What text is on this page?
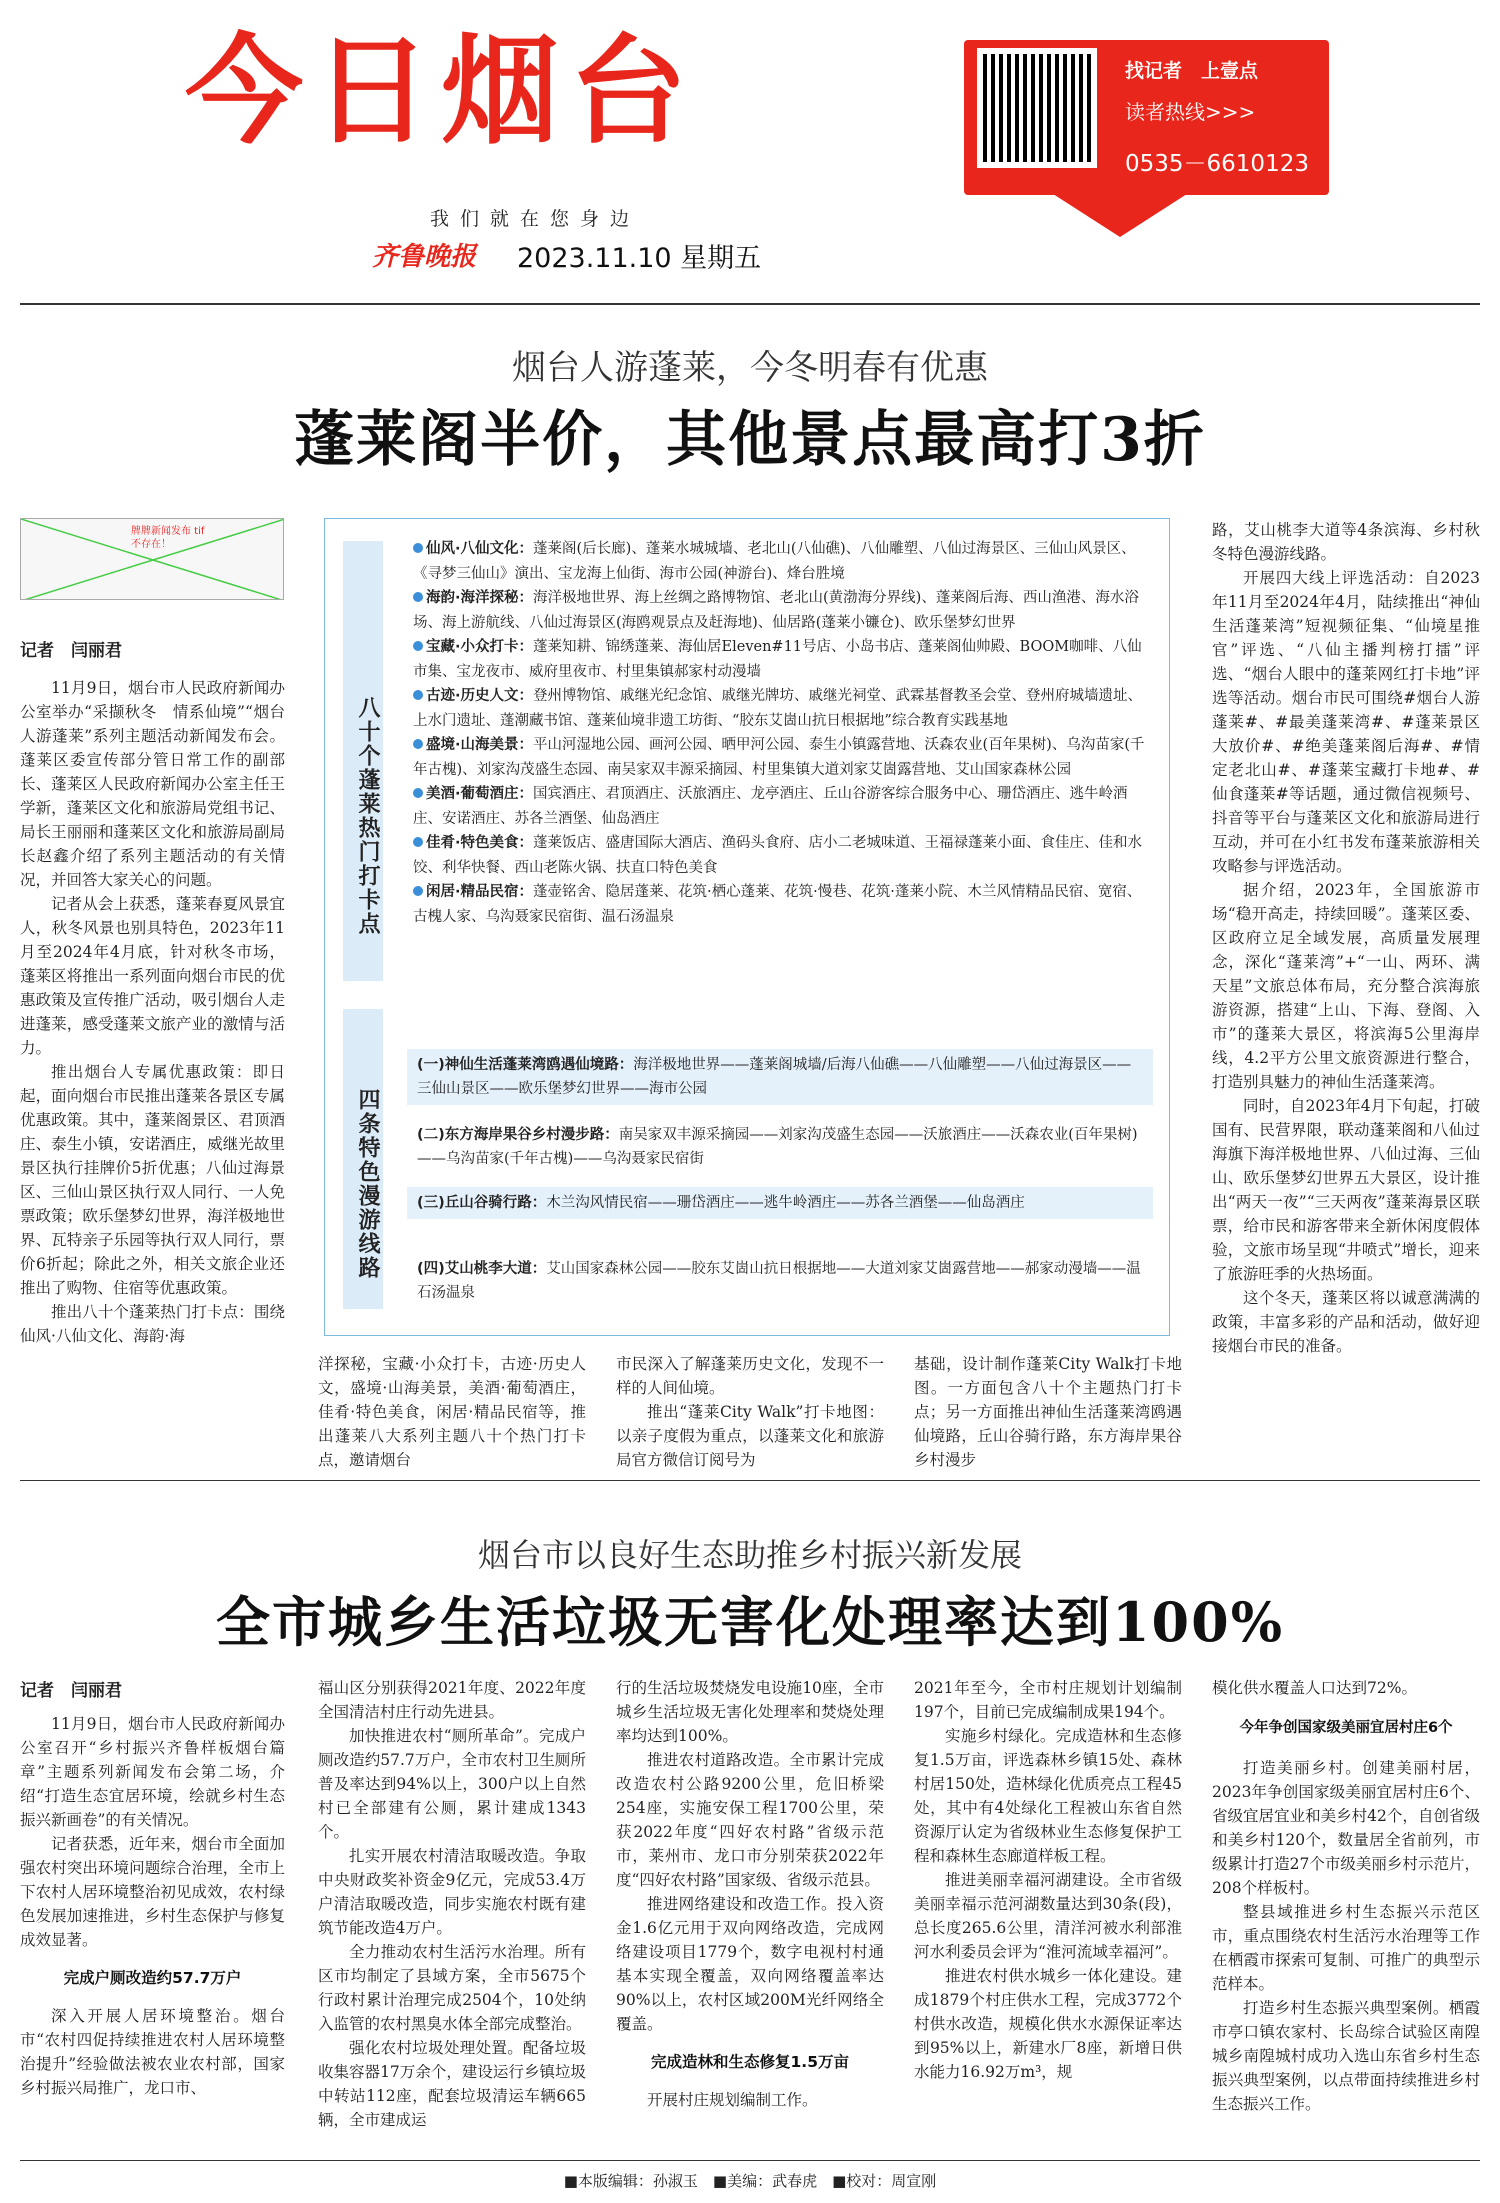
今日烟台
我们就在您身边
齐鲁晚报 2023.11.10 星期五
找记者　上壹点
读者热线>>>
0535－6610123
烟台人游蓬莱，今冬明春有优惠
蓬莱阁半价，其他景点最高打3折
牌牌新闻发布 tif
不存在！
记者　闫丽君

11月9日，烟台市人民政府新闻办公室举办“采撷秋冬　情系仙境”“烟台人游蓬莱”系列主题活动新闻发布会。蓬莱区委宣传部分管日常工作的副部长、蓬莱区人民政府新闻办公室主任王学新，蓬莱区文化和旅游局党组书记、局长王丽丽和蓬莱区文化和旅游局副局长赵鑫介绍了系列主题活动的有关情况，并回答大家关心的问题。

记者从会上获悉，蓬莱春夏风景宜人，秋冬风景也别具特色，2023年11月至2024年4月底，针对秋冬市场，蓬莱区将推出一系列面向烟台市民的优惠政策及宣传推广活动，吸引烟台人走进蓬莱，感受蓬莱文旅产业的激情与活力。

推出烟台人专属优惠政策：即日起，面向烟台市民推出蓬莱各景区专属优惠政策。其中，蓬莱阁景区、君顶酒庄、泰生小镇，安诺酒庄，威继光故里景区执行挂牌价5折优惠；八仙过海景区、三仙山景区执行双人同行、一人免票政策；欧乐堡梦幻世界，海洋极地世界、瓦特亲子乐园等执行双人同行，票价6折起；除此之外，相关文旅企业还推出了购物、住宿等优惠政策。

推出八十个蓬莱热门打卡点：围绕仙风·八仙文化、海韵·海

八十个蓬莱热门打卡点
仙风·八仙文化：蓬莱阁(后长廊)、蓬莱水城城墙、老北山(八仙礁)、八仙雕塑、八仙过海景区、三仙山风景区、《寻梦三仙山》演出、宝龙海上仙街、海市公园(神游台)、烽台胜境
海韵·海洋探秘：海洋极地世界、海上丝绸之路博物馆、老北山(黄渤海分界线)、蓬莱阁后海、西山渔港、海水浴场、海上游航线、八仙过海景区(海鸥观景点及赶海地)、仙居路(蓬莱小镰仓)、欧乐堡梦幻世界
宝藏·小众打卡：蓬莱知耕、锦绣蓬莱、海仙居Eleven#11号店、小岛书店、蓬莱阁仙帅殿、BOOM咖啡、八仙市集、宝龙夜市、威府里夜市、村里集镇郝家村动漫墙
古迹·历史人文：登州博物馆、戚继光纪念馆、戚继光牌坊、戚继光祠堂、武霖基督教圣会堂、登州府城墙遗址、上水门遗址、蓬潮藏书馆、蓬莱仙境非遗工坊街、“胶东艾崮山抗日根据地”综合教育实践基地
盛境·山海美景：平山河湿地公园、画河公园、晒甲河公园、泰生小镇露营地、沃森农业(百年果树)、乌沟苗家(千年古槐)、刘家沟茂盛生态园、南吴家双丰源采摘园、村里集镇大道刘家艾崮露营地、艾山国家森林公园
美酒·葡萄酒庄：国宾酒庄、君顶酒庄、沃旅酒庄、龙亭酒庄、丘山谷游客综合服务中心、珊岱酒庄、逃牛岭酒庄、安诺酒庄、苏各兰酒堡、仙岛酒庄
佳肴·特色美食：蓬莱饭店、盛唐国际大酒店、渔码头食府、店小二老城味道、王福禄蓬莱小面、食佳庄、佳和水饺、利华快餐、西山老陈火锅、扶直口特色美食
闲居·精品民宿：蓬壶铭舍、隐居蓬莱、花筑·栖心蓬莱、花筑·慢巷、花筑·蓬莱小院、木兰风情精品民宿、宽宿、古槐人家、乌沟聂家民宿街、温石汤温泉
四条特色漫游线路
(一)神仙生活蓬莱湾鸥遇仙境路：海洋极地世界——蓬莱阁城墙/后海八仙礁——八仙雕塑——八仙过海景区——三仙山景区——欧乐堡梦幻世界——海市公园
(二)东方海岸果谷乡村漫步路：南吴家双丰源采摘园——刘家沟茂盛生态园——沃旅酒庄——沃森农业(百年果树)——乌沟苗家(千年古槐)——乌沟聂家民宿街
(三)丘山谷骑行路：木兰沟风情民宿——珊岱酒庄——逃牛岭酒庄——苏各兰酒堡——仙岛酒庄
(四)艾山桃李大道：艾山国家森林公园——胶东艾崮山抗日根据地——大道刘家艾崮露营地——郝家动漫墙——温石汤温泉

洋探秘，宝藏·小众打卡，古迹·历史人文，盛境·山海美景，美酒·葡萄酒庄，佳肴·特色美食，闲居·精品民宿等，推出蓬莱八大系列主题八十个热门打卡点，邀请烟台

市民深入了解蓬莱历史文化，发现不一样的人间仙境。

推出“蓬莱City Walk”打卡地图：以亲子度假为重点，以蓬莱文化和旅游局官方微信订阅号为

基础，设计制作蓬莱City Walk打卡地图。一方面包含八十个主题热门打卡点；另一方面推出神仙生活蓬莱湾鸥遇仙境路，丘山谷骑行路，东方海岸果谷乡村漫步

路，艾山桃李大道等4条滨海、乡村秋冬特色漫游线路。

开展四大线上评选活动：自2023年11月至2024年4月，陆续推出“神仙生活蓬莱湾”短视频征集、“仙境星推官”评选、“八仙主播判榜打擂”评选、“烟台人眼中的蓬莱网红打卡地”评选等活动。烟台市民可围绕#烟台人游蓬莱#、#最美蓬莱湾#、#蓬莱景区大放价#、#绝美蓬莱阁后海#、#情定老北山#、#蓬莱宝藏打卡地#、#仙食蓬莱#等话题，通过微信视频号、抖音等平台与蓬莱区文化和旅游局进行互动，并可在小红书发布蓬莱旅游相关攻略参与评选活动。

据介绍，2023年，全国旅游市场“稳开高走，持续回暖”。蓬莱区委、区政府立足全域发展，高质量发展理念，深化“蓬莱湾”+“一山、两环、满天星”文旅总体布局，充分整合滨海旅游资源，搭建“上山、下海、登阁、入市”的蓬莱大景区，将滨海5公里海岸线，4.2平方公里文旅资源进行整合，打造别具魅力的神仙生活蓬莱湾。

同时，自2023年4月下旬起，打破国有、民营界限，联动蓬莱阁和八仙过海旗下海洋极地世界、八仙过海、三仙山、欧乐堡梦幻世界五大景区，设计推出“两天一夜”“三天两夜”蓬莱海景区联票，给市民和游客带来全新休闲度假体验，文旅市场呈现“井喷式”增长，迎来了旅游旺季的火热场面。

这个冬天，蓬莱区将以诚意满满的政策，丰富多彩的产品和活动，做好迎接烟台市民的准备。

烟台市以良好生态助推乡村振兴新发展
全市城乡生活垃圾无害化处理率达到100%
记者　闫丽君

11月9日，烟台市人民政府新闻办公室召开“乡村振兴齐鲁样板烟台篇章”主题系列新闻发布会第二场，介绍“打造生态宜居环境，绘就乡村生态振兴新画卷”的有关情况。

记者获悉，近年来，烟台市全面加强农村突出环境问题综合治理，全市上下农村人居环境整治初见成效，农村绿色发展加速推进，乡村生态保护与修复成效显著。

完成户厕改造约57.7万户

深入开展人居环境整治。烟台市“农村四促持续推进农村人居环境整治提升”经验做法被农业农村部，国家乡村振兴局推广，龙口市、

福山区分别获得2021年度、2022年度全国清洁村庄行动先进县。

加快推进农村“厕所革命”。完成户厕改造约57.7万户，全市农村卫生厕所普及率达到94%以上，300户以上自然村已全部建有公厕，累计建成1343个。

扎实开展农村清洁取暖改造。争取中央财政奖补资金9亿元，完成53.4万户清洁取暖改造，同步实施农村既有建筑节能改造4万户。

全力推动农村生活污水治理。所有区市均制定了县域方案，全市5675个行政村累计治理完成2504个，10处纳入监管的农村黑臭水体全部完成整治。

强化农村垃圾处理处置。配备垃圾收集容器17万余个，建设运行乡镇垃圾中转站112座，配套垃圾清运车辆665辆，全市建成运

行的生活垃圾焚烧发电设施10座，全市城乡生活垃圾无害化处理率和焚烧处理率均达到100%。

推进农村道路改造。全市累计完成改造农村公路9200公里，危旧桥梁254座，实施安保工程1700公里，荣获2022年度“四好农村路”省级示范市，莱州市、龙口市分别荣获2022年度“四好农村路”国家级、省级示范县。

推进网络建设和改造工作。投入资金1.6亿元用于双向网络改造，完成网络建设项目1779个，数字电视村村通基本实现全覆盖，双向网络覆盖率达90%以上，农村区域200M光纤网络全覆盖。

完成造林和生态修复1.5万亩

开展村庄规划编制工作。

2021年至今，全市村庄规划计划编制197个，目前已完成编制成果194个。

实施乡村绿化。完成造林和生态修复1.5万亩，评选森林乡镇15处、森林村居150处，造林绿化优质亮点工程45处，其中有4处绿化工程被山东省自然资源厅认定为省级林业生态修复保护工程和森林生态廊道样板工程。

推进美丽幸福河湖建设。全市省级美丽幸福示范河湖数量达到30条(段)，总长度265.6公里，清洋河被水利部淮河水利委员会评为“淮河流域幸福河”。

推进农村供水城乡一体化建设。建成1879个村庄供水工程，完成3772个村供水改造，规模化供水水源保证率达到95%以上，新建水厂8座，新增日供水能力16.92万m³，规

模化供水覆盖人口达到72%。

今年争创国家级美丽宜居村庄6个

打造美丽乡村。创建美丽村居，2023年争创国家级美丽宜居村庄6个、省级宜居宜业和美乡村42个，自创省级和美乡村120个，数量居全省前列，市级累计打造27个市级美丽乡村示范片，208个样板村。

整县域推进乡村生态振兴示范区市，重点围绕农村生活污水治理等工作在栖霞市探索可复制、可推广的典型示范样本。

打造乡村生态振兴典型案例。栖霞市亭口镇农家村、长岛综合试验区南隍城乡南隍城村成功入选山东省乡村生态振兴典型案例，以点带面持续推进乡村生态振兴工作。

■本版编辑：孙淑玉　■美编：武春虎　■校对：周宣刚
